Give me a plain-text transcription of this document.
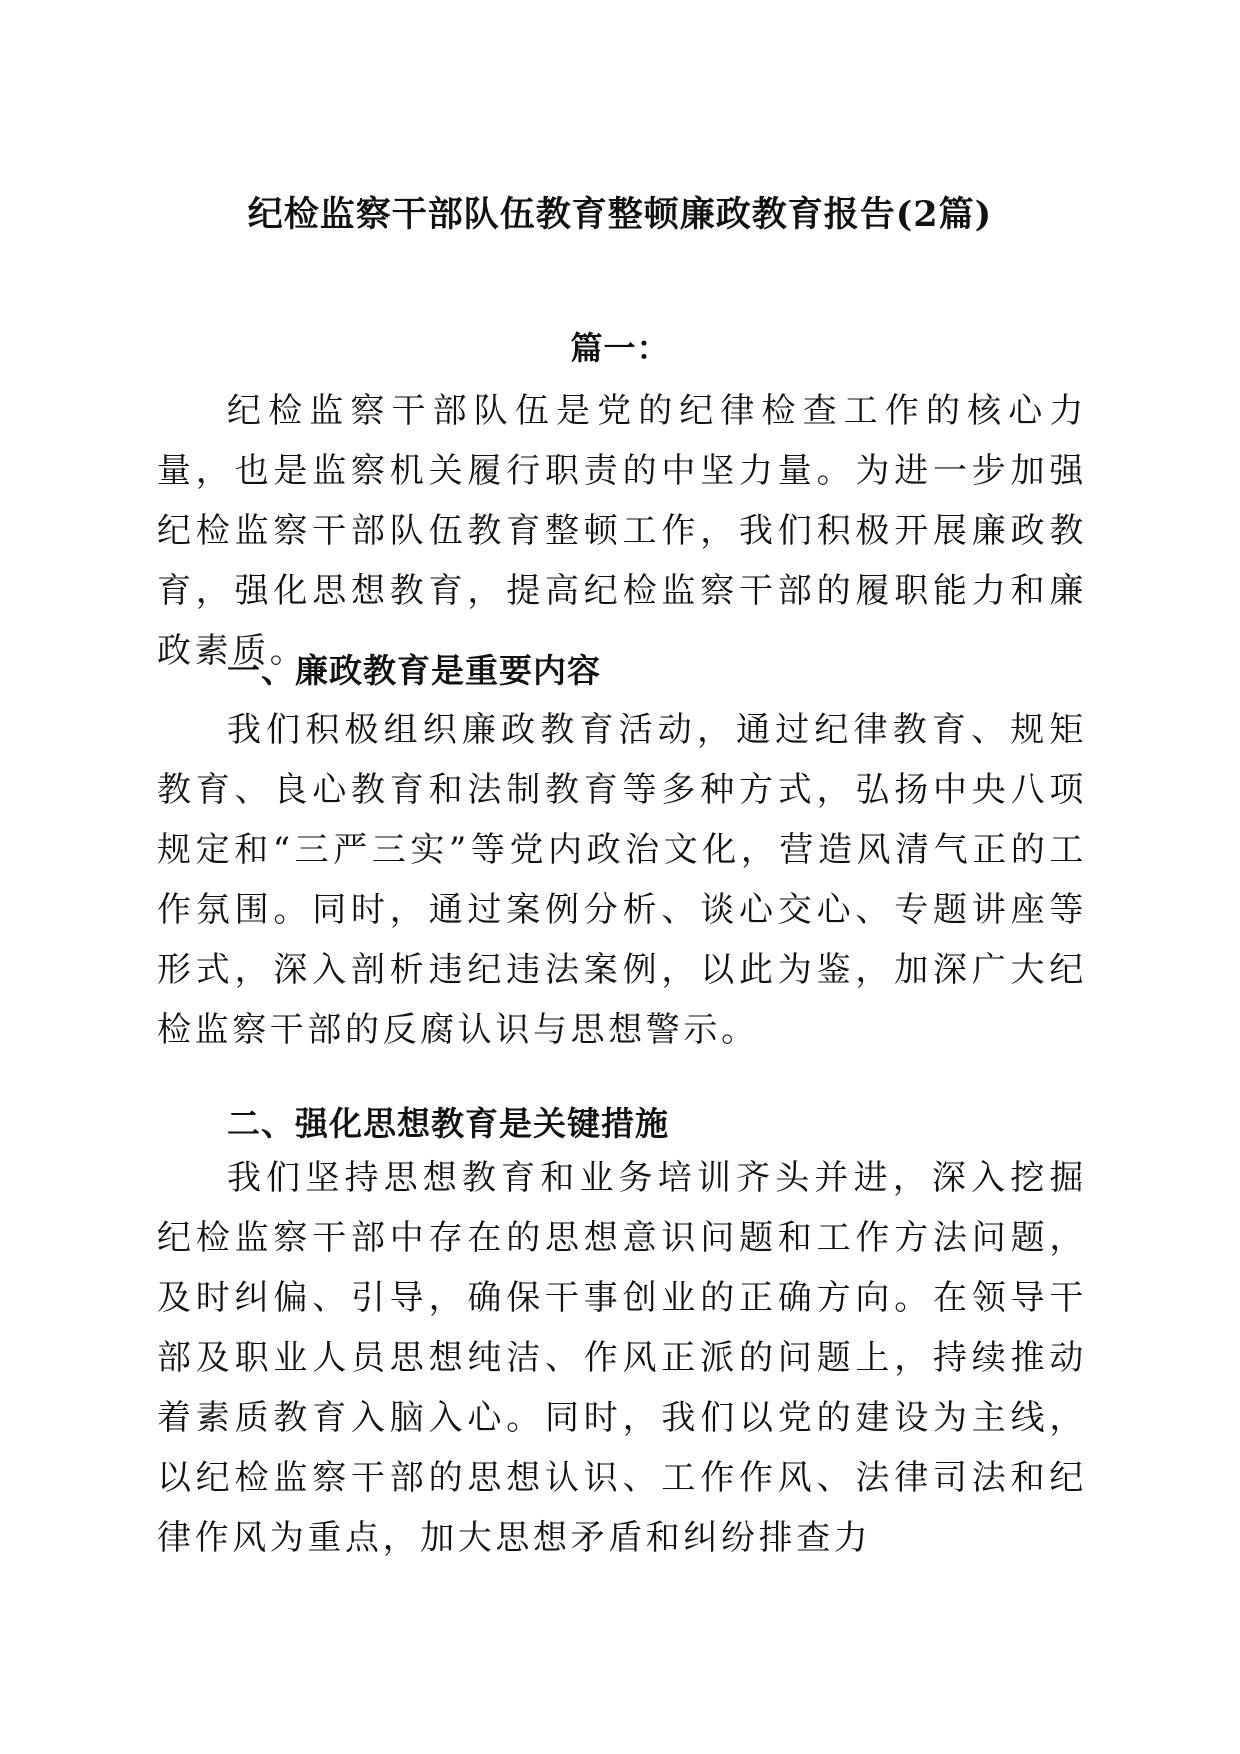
纪检监察干部队伍教育整顿廉政教育报告(2篇)
篇一：

纪检监察干部队伍是党的纪律检查工作的核心力量，也是监察机关履行职责的中坚力量。为进一步加强纪检监察干部队伍教育整顿工作，我们积极开展廉政教育，强化思想教育，提高纪检监察干部的履职能力和廉政素质。

一、廉政教育是重要内容

我们积极组织廉政教育活动，通过纪律教育、规矩教育、良心教育和法制教育等多种方式，弘扬中央八项规定和“三严三实”等党内政治文化，营造风清气正的工作氛围。同时，通过案例分析、谈心交心、专题讲座等形式，深入剖析违纪违法案例，以此为鉴，加深广大纪检监察干部的反腐认识与思想警示。

二、强化思想教育是关键措施

我们坚持思想教育和业务培训齐头并进，深入挖掘纪检监察干部中存在的思想意识问题和工作方法问题，及时纠偏、引导，确保干事创业的正确方向。在领导干部及职业人员思想纯洁、作风正派的问题上，持续推动着素质教育入脑入心。同时，我们以党的建设为主线，以纪检监察干部的思想认识、工作作风、法律司法和纪律作风为重点，加大思想矛盾和纠纷排查力
